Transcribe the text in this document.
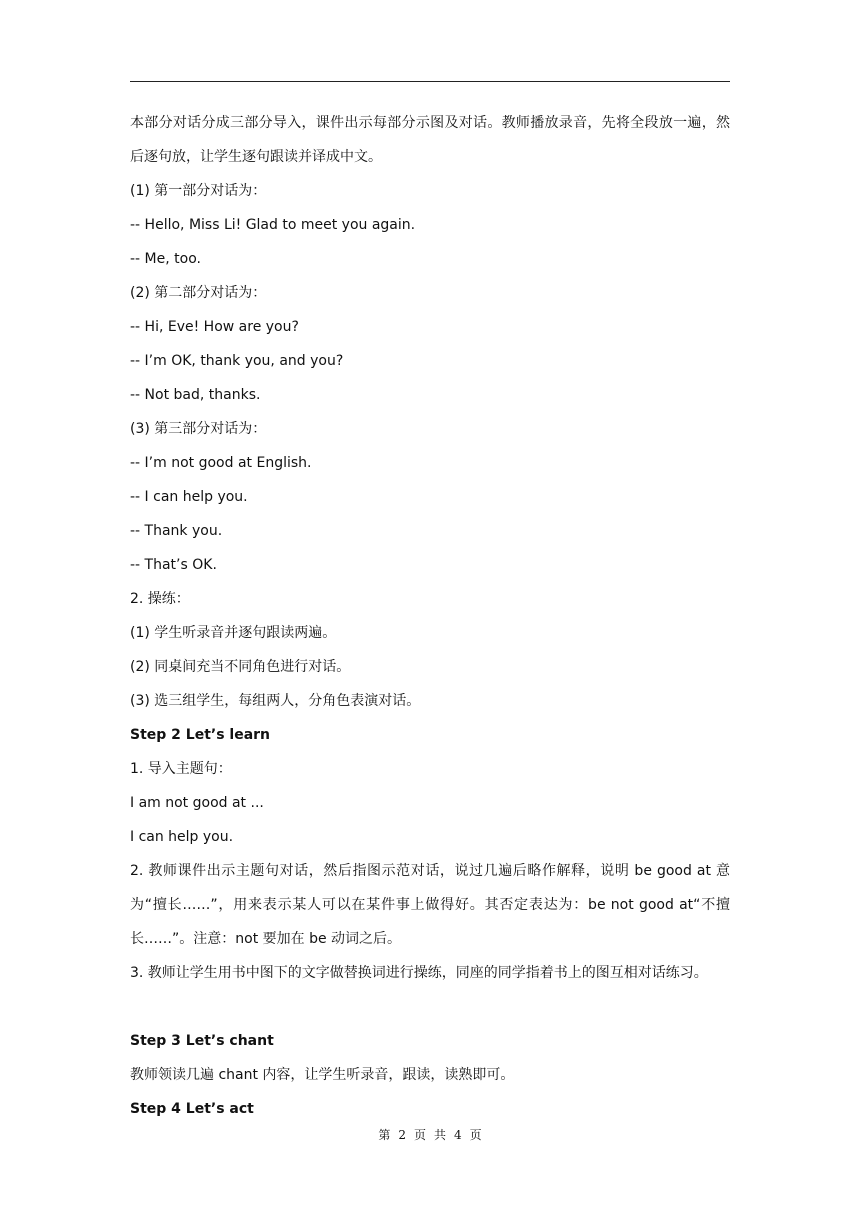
本部分对话分成三部分导入，课件出示每部分示图及对话。教师播放录音，先将全段放一遍，然后逐句放，让学生逐句跟读并译成中文。
(1) 第一部分对话为：
-- Hello, Miss Li! Glad to meet you again.
-- Me, too.
(2) 第二部分对话为：
-- Hi, Eve! How are you?
-- I’m OK, thank you, and you?
-- Not bad, thanks.
(3) 第三部分对话为：
-- I’m not good at English.
-- I can help you.
-- Thank you.
-- That’s OK.
2. 操练：
(1) 学生听录音并逐句跟读两遍。
(2) 同桌间充当不同角色进行对话。
(3) 选三组学生，每组两人，分角色表演对话。
Step 2 Let’s learn
1. 导入主题句：
I am not good at ...
I can help you.
2. 教师课件出示主题句对话，然后指图示范对话，说过几遍后略作解释，说明 be good at 意为“擅长……”，用来表示某人可以在某件事上做得好。其否定表达为：be not good at“不擅长……”。注意：not 要加在 be 动词之后。
3. 教师让学生用书中图下的文字做替换词进行操练，同座的同学指着书上的图互相对话练习。
Step 3 Let’s chant
教师领读几遍 chant 内容，让学生听录音，跟读，读熟即可。
Step 4 Let’s act
第 2 页 共 4 页
